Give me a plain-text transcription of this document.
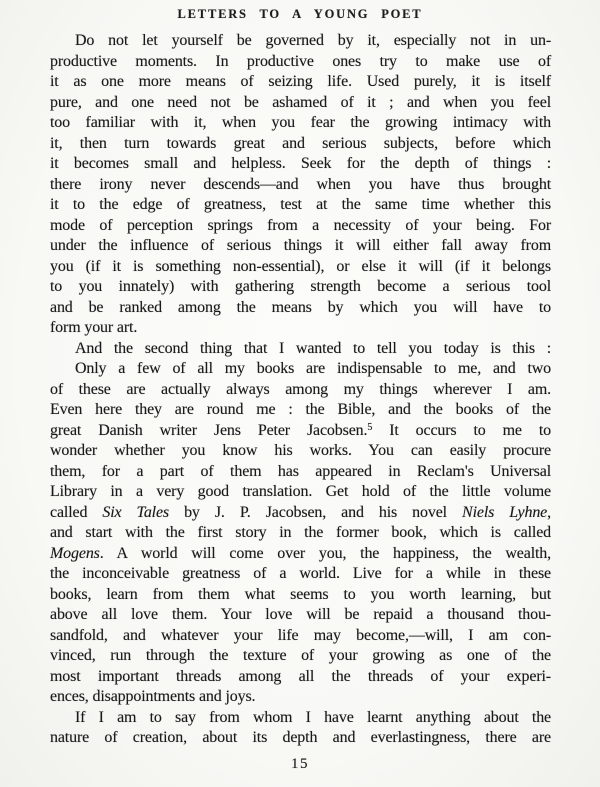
LETTERS TO A YOUNG POET
Do not let yourself be governed by it, especially not in un-
productive moments. In productive ones try to make use of
it as one more means of seizing life. Used purely, it is itself
pure, and one need not be ashamed of it ; and when you feel
too familiar with it, when you fear the growing intimacy with
it, then turn towards great and serious subjects, before which
it becomes small and helpless. Seek for the depth of things :
there irony never descends—and when you have thus brought
it to the edge of greatness, test at the same time whether this
mode of perception springs from a necessity of your being. For
under the influence of serious things it will either fall away from
you (if it is something non-essential), or else it will (if it belongs
to you innately) with gathering strength become a serious tool
and be ranked among the means by which you will have to
form your art.
And the second thing that I wanted to tell you today is this :
Only a few of all my books are indispensable to me, and two
of these are actually always among my things wherever I am.
Even here they are round me : the Bible, and the books of the
great Danish writer Jens Peter Jacobsen.$^5$ It occurs to me to
wonder whether you know his works. You can easily procure
them, for a part of them has appeared in Reclam's Universal
Library in a very good translation. Get hold of the little volume
called Six Tales by J. P. Jacobsen, and his novel Niels Lyhne,
and start with the first story in the former book, which is called
Mogens. A world will come over you, the happiness, the wealth,
the inconceivable greatness of a world. Live for a while in these
books, learn from them what seems to you worth learning, but
above all love them. Your love will be repaid a thousand thou-
sandfold, and whatever your life may become,—will, I am con-
vinced, run through the texture of your growing as one of the
most important threads among all the threads of your experi-
ences, disappointments and joys.
If I am to say from whom I have learnt anything about the
nature of creation, about its depth and everlastingness, there are
15
